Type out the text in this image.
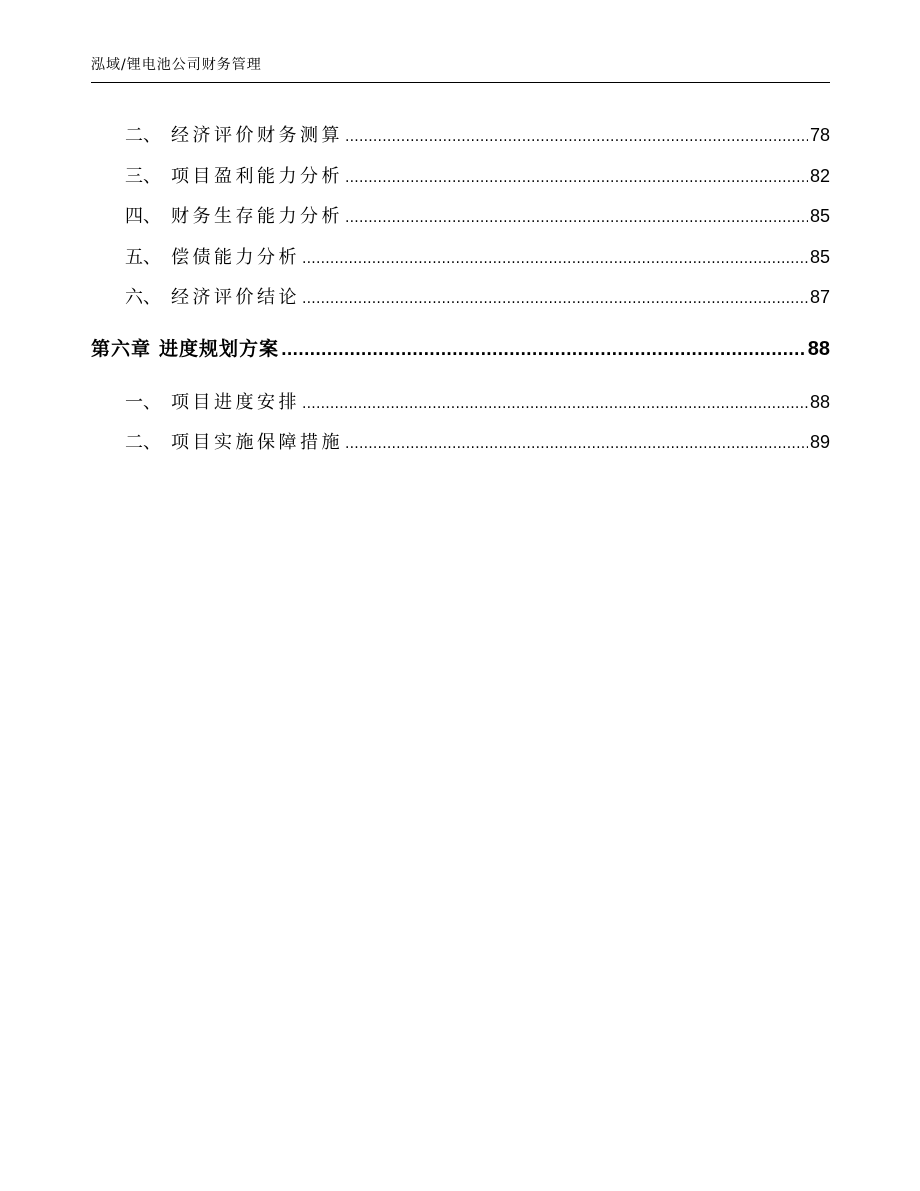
泓域/锂电池公司财务管理
二、 经济评价财务测算 .....	78
三、 项目盈利能力分析 .....	82
四、 财务生存能力分析 .....	85
五、 偿债能力分析 .....	85
六、 经济评价结论 .....	87
第六章 进度规划方案 .....	88
一、 项目进度安排 .....	88
二、 项目实施保障措施 .....	89
